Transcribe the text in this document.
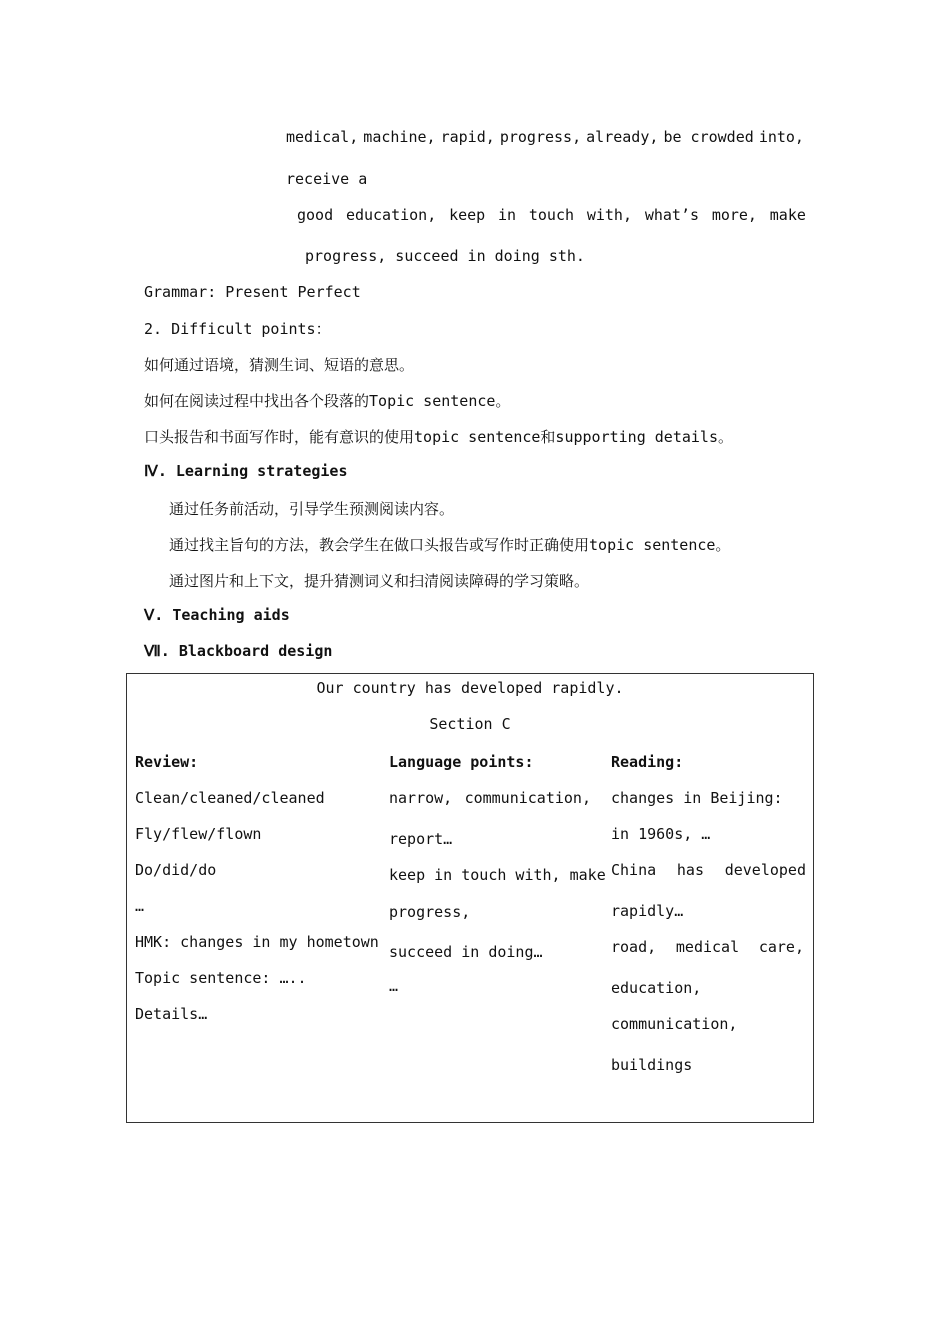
medical, machine, rapid, progress, already, be crowded into,
receive a
good education, keep in touch with, what’s more, make
progress, succeed in doing sth.
Grammar: Present Perfect
2. Difficult points：
如何通过语境，猜测生词、短语的意思。
如何在阅读过程中找出各个段落的Topic sentence。
口头报告和书面写作时，能有意识的使用topic sentence和supporting details。
Ⅳ. Learning strategies
通过任务前活动，引导学生预测阅读内容。
通过找主旨句的方法，教会学生在做口头报告或写作时正确使用topic sentence。
通过图片和上下文，提升猜测词义和扫清阅读障碍的学习策略。
Ⅴ. Teaching aids
Ⅶ. Blackboard design
Our country has developed rapidly.
Section C
Review:
Clean/cleaned/cleaned
Fly/flew/flown
Do/did/do
…
HMK: changes in my hometown
Topic sentence: …..
Details…
Language points:
narrow, communication,
report…
keep in touch with, make
progress,
succeed in doing…
…
Reading:
changes in Beijing:
in 1960s, …
China has developed
rapidly…
road, medical care,
education,
communication,
buildings
